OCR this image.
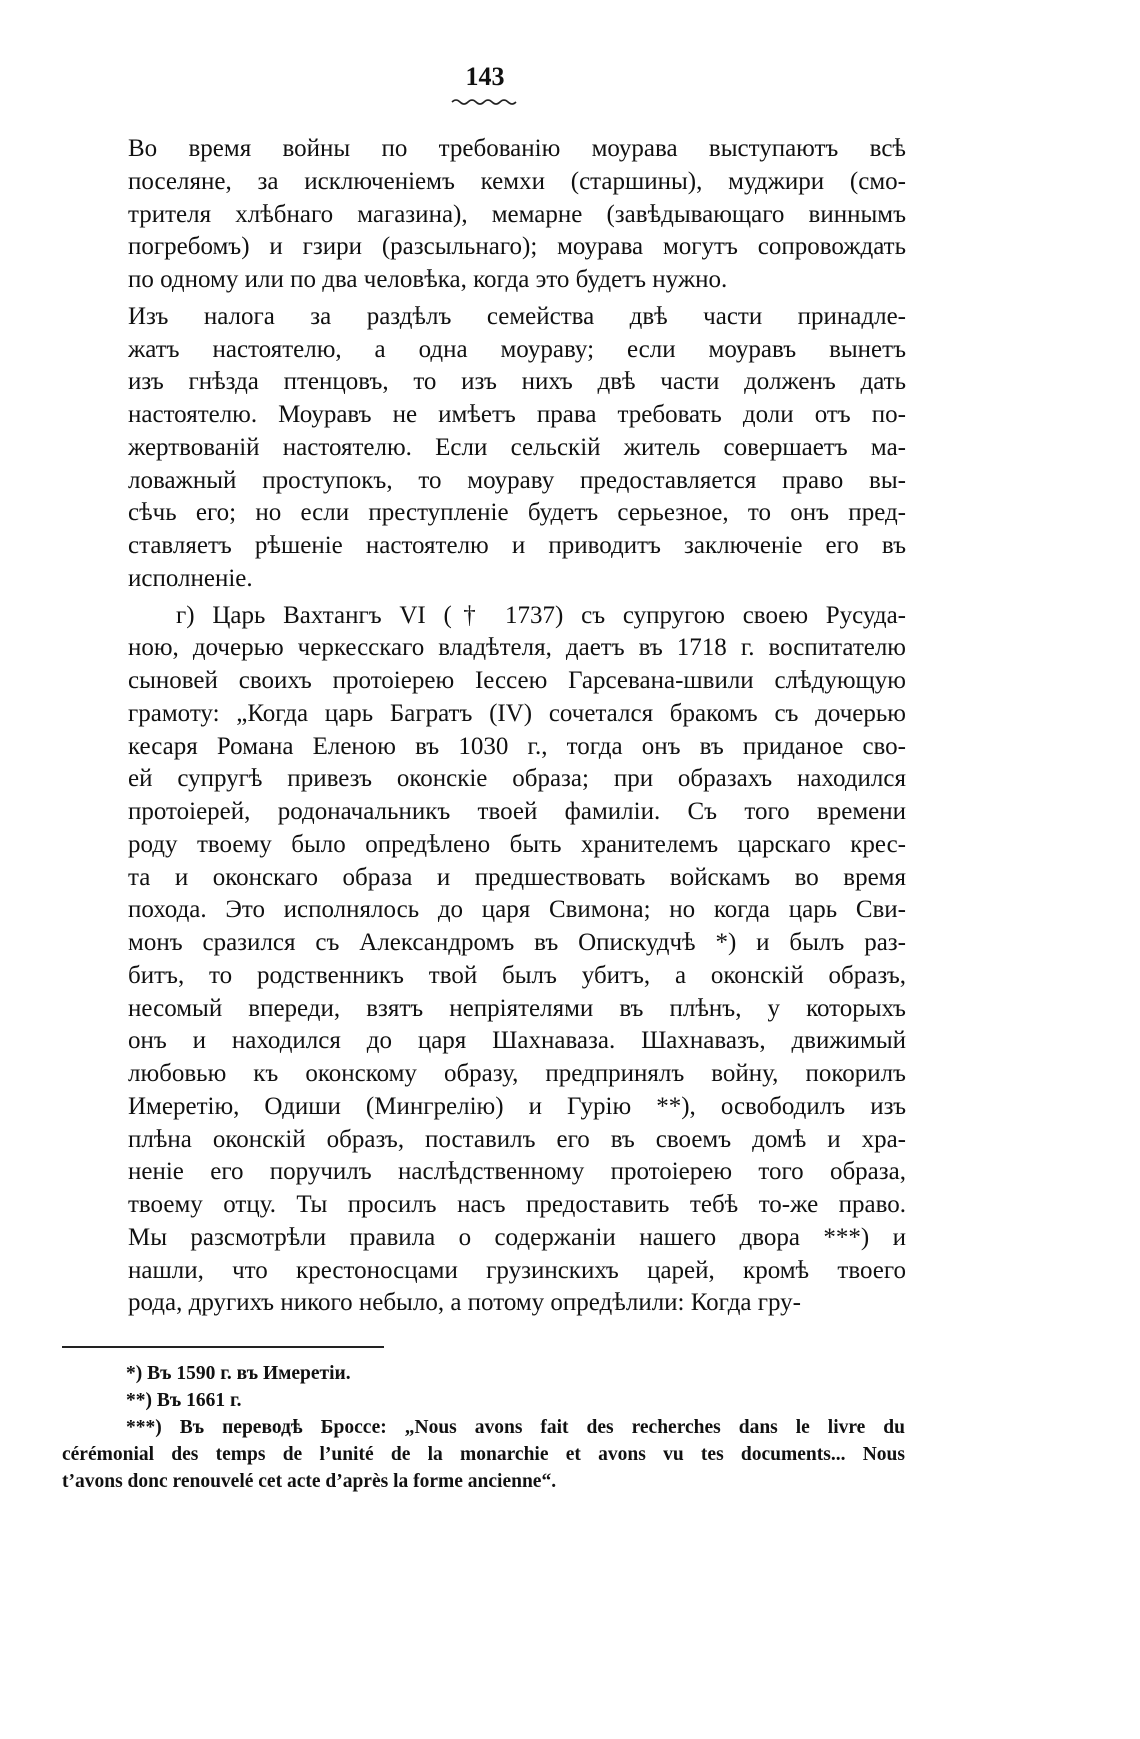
143
Во время войны по требованію моурава выступаютъ всѣ
поселяне, за исключеніемъ кемхи (старшины), муджири (смо-
трителя хлѣбнаго магазина), мемарне (завѣдывающаго виннымъ
погребомъ) и гзири (разсыльнаго); моурава могутъ сопровождать
по одному или по два человѣка, когда это будетъ нужно.
Изъ налога за раздѣлъ семейства двѣ части принадле-
жатъ настоятелю, а одна моураву; если моуравъ вынетъ
изъ гнѣзда птенцовъ, то изъ нихъ двѣ части долженъ дать
настоятелю. Моуравъ не имѣетъ права требовать доли отъ по-
жертвованій настоятелю. Если сельскій житель совершаетъ ма-
ловажный проступокъ, то моураву предоставляется право вы-
сѣчь его; но если преступленіе будетъ серьезное, то онъ пред-
ставляетъ рѣшеніе настоятелю и приводитъ заключеніе его въ
исполненіе.
г) Царь Вахтангъ VI († 1737) съ супругою своею Русуда-
ною, дочерью черкесскаго владѣтеля, даетъ въ 1718 г. воспитателю
сыновей своихъ протоіерею Іессею Гарсевана-швили слѣдующую
грамоту: „Когда царь Багратъ (IV) сочетался бракомъ съ дочерью
кесаря Романа Еленою въ 1030 г., тогда онъ въ приданое сво-
ей супругѣ привезъ оконскіе образа; при образахъ находился
протоіерей, родоначальникъ твоей фамиліи. Съ того времени
роду твоему было опредѣлено быть хранителемъ царскаго крес-
та и оконскаго образа и предшествовать войскамъ во время
похода. Это исполнялось до царя Свимона; но когда царь Сви-
монъ сразился съ Александромъ въ Опискудчѣ *) и былъ раз-
битъ, то родственникъ твой былъ убитъ, а оконскій образъ,
несомый впереди, взятъ непріятелями въ плѣнъ, у которыхъ
онъ и находился до царя Шахнаваза. Шахнавазъ, движимый
любовью къ оконскому образу, предпринялъ войну, покорилъ
Имеретію, Одиши (Мингрелію) и Гурію **), освободилъ изъ
плѣна оконскій образъ, поставилъ его въ своемъ домѣ и хра-
неніе его поручилъ наслѣдственному протоіерею того образа,
твоему отцу. Ты просилъ насъ предоставить тебѣ то-же право.
Мы разсмотрѣли правила о содержаніи нашего двора ***) и
нашли, что крестоносцами грузинскихъ царей, кромѣ твоего
рода, другихъ никого небыло, а потому опредѣлили: Когда гру-
*) Въ 1590 г. въ Имеретіи.
**) Въ 1661 г.
***) Въ переводѣ Броссе: „Nous avons fait des recherches dans le livre du
cérémonial des temps de l’unité de la monarchie et avons vu tes documents... Nous
t’avons donc renouvelé cet acte d’après la forme ancienne“.
